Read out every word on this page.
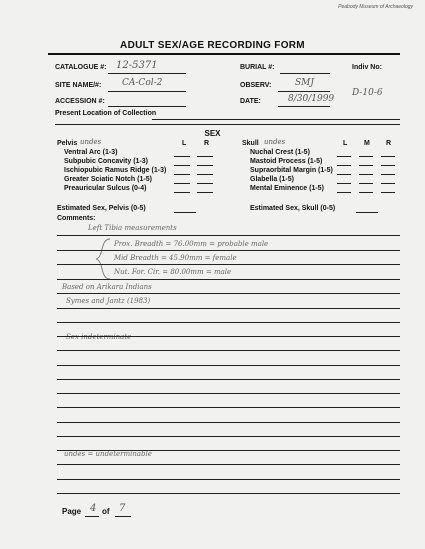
Peabody Museum of Archaeology
ADULT SEX/AGE RECORDING FORM
CATALOGUE #: 12-5371	BURIAL #:	Indiv No:
SITE NAME/#: CA-Col-2	OBSERV:	SMJ
D-10-6
ACCESSION #:	DATE:	8/30/1999
Present Location of Collection
SEX
Pelvis undes	L	R
Ventral Arc (1-3)
Subpubic Concavity (1-3)
Ischiopubic Ramus Ridge (1-3)
Greater Sciatic Notch (1-5)
Preauricular Sulcus (0-4)
Estimated Sex, Pelvis (0-5)
Skull undes	L M R
Nuchal Crest (1-5)
Mastoid Process (1-5)
Supraorbital Margin (1-5)
Glabella (1-5)
Mental Eminence (1-5)
Estimated Sex, Skull (0-5)
Comments:
Left Tibia measurements
Prox. Breadth = 76.00mm = probable male
Mid Breadth = 45.90mm = female
Nut. For. Cir. = 80.00mm = male
Based on Arikara Indians
Symes and Jantz (1983)
Sex indeterminate
undes = undeterminable
Page 4 of 7
